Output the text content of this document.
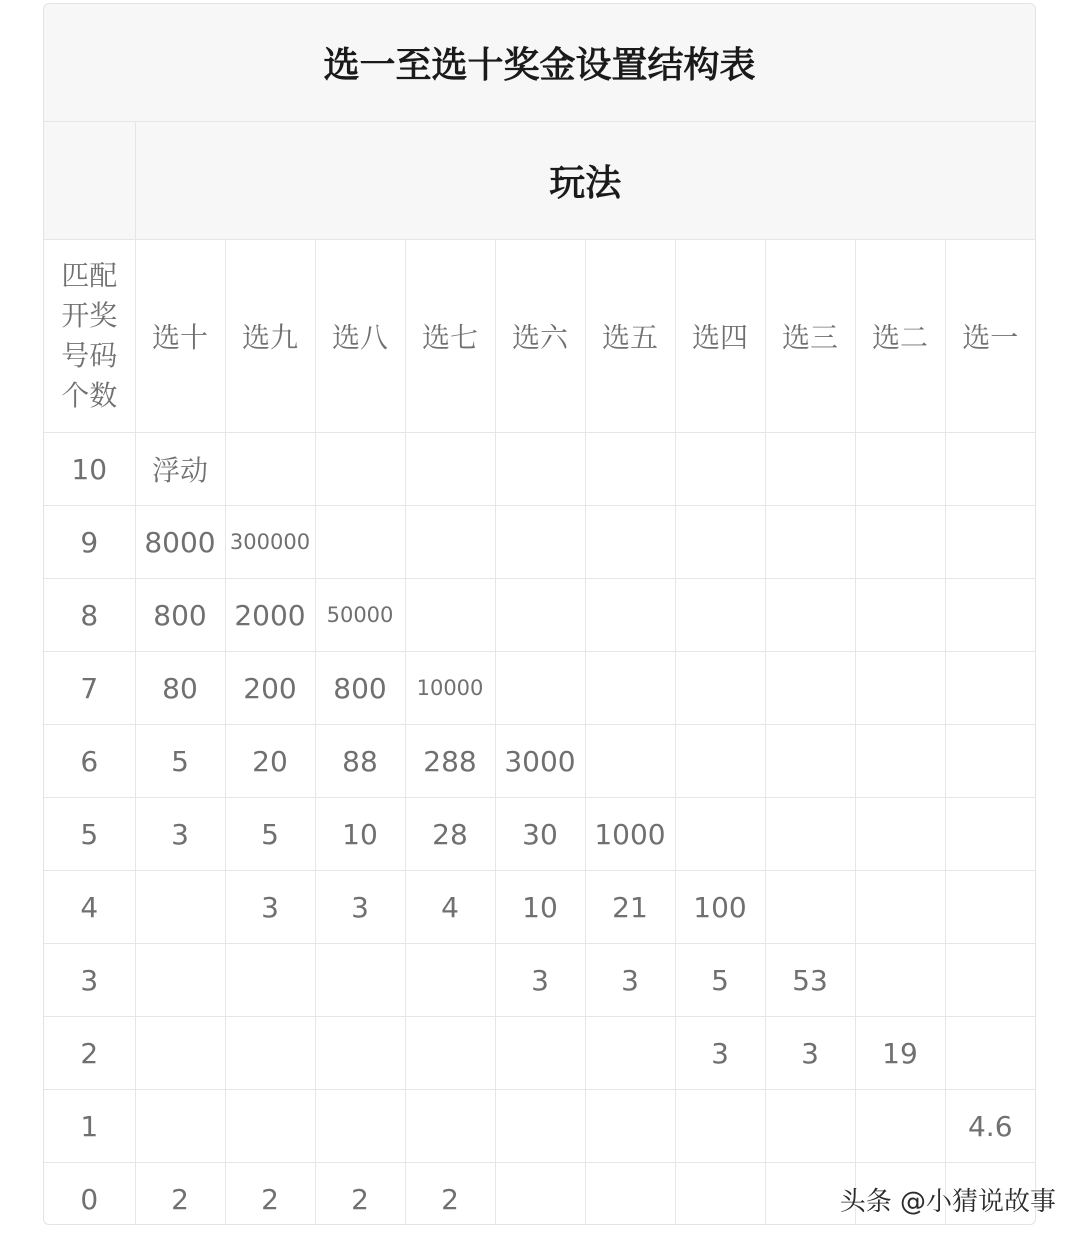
选一至选十奖金设置结构表										
	玩法									
匹配开奖号码个数	选十	选九	选八	选七	选六	选五	选四	选三	选二	选一
10	浮动									
9	8000	300000								
8	800	2000	50000							
7	80	200	800	10000						
6	5	20	88	288	3000					
5	3	5	10	28	30	1000				
4		3	3	4	10	21	100			
3					3	3	5	53		
2							3	3	19	
1										4.6
0	2	2	2	2							头条 @小猜说故事
